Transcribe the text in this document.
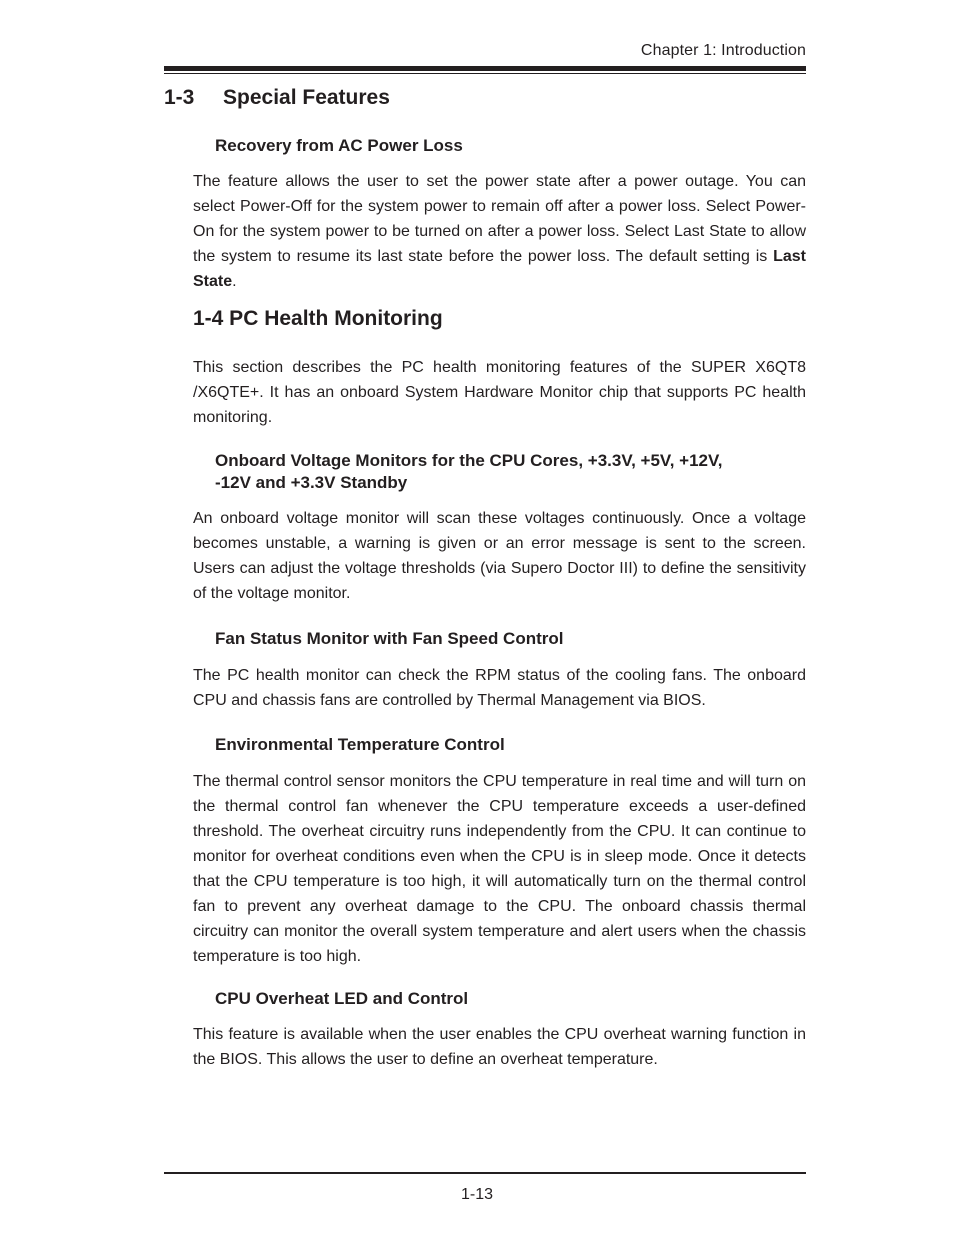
Chapter 1: Introduction
1-3 Special Features
Recovery from AC Power Loss
The feature allows the user to set the power state after a power outage. You can select Power-Off for the system power to remain off after a power loss. Select Power-On for the system power to be turned on after a power loss. Select Last State to allow the system to resume its last state before the power loss. The default setting is Last State.
1-4 PC Health Monitoring
This section describes the PC health monitoring features of the SUPER X6QT8 /X6QTE+. It has an onboard System Hardware Monitor chip that supports PC health monitoring.
Onboard Voltage Monitors for the CPU Cores, +3.3V, +5V, +12V,
-12V and +3.3V Standby
An onboard voltage monitor will scan these voltages continuously. Once a voltage becomes unstable, a warning is given or an error message is sent to the screen. Users can adjust the voltage thresholds (via Supero Doctor III) to define the sensitivity of the voltage monitor.
Fan Status Monitor with Fan Speed Control
The PC health monitor can check the RPM status of the cooling fans. The onboard CPU and chassis fans are controlled by Thermal Management via BIOS.
Environmental Temperature Control
The thermal control sensor monitors the CPU temperature in real time and will turn on the thermal control fan whenever the CPU temperature exceeds a user-defined threshold. The overheat circuitry runs independently from the CPU. It can continue to monitor for overheat conditions even when the CPU is in sleep mode. Once it detects that the CPU temperature is too high, it will automatically turn on the thermal control fan to prevent any overheat damage to the CPU. The onboard chassis thermal circuitry can monitor the overall system temperature and alert users when the chassis temperature is too high.
CPU Overheat LED and Control
This feature is available when the user enables the CPU overheat warning function in the BIOS. This allows the user to define an overheat temperature.
1-13
